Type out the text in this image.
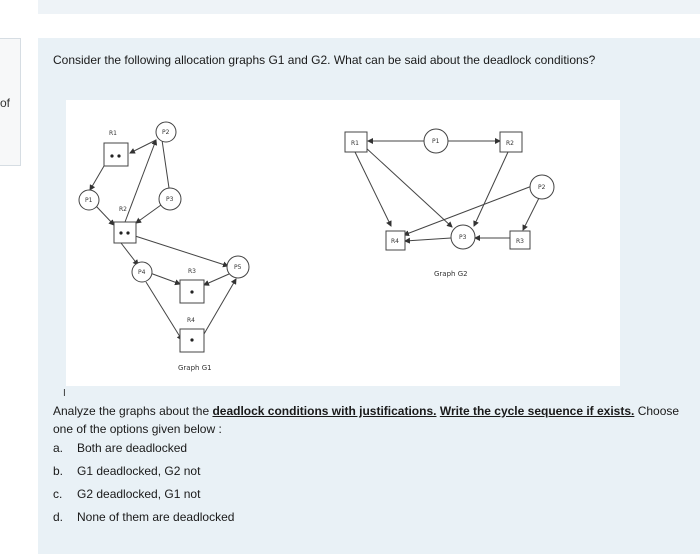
of
Consider the following allocation graphs G1 and G2. What can be said about the deadlock conditions?
R1	P2
P1
R2
P3
P4	R3
P5
R4
Graph G1
R1	P1	R2
P2
R4
P3
R3
Graph G2
I
Analyze the graphs about the deadlock conditions with justifications. Write the cycle sequence if exists. Choose one of the options given below :
a. Both are deadlocked
b. G1 deadlocked, G2 not
c. G2 deadlocked, G1 not
d. None of them are deadlocked
